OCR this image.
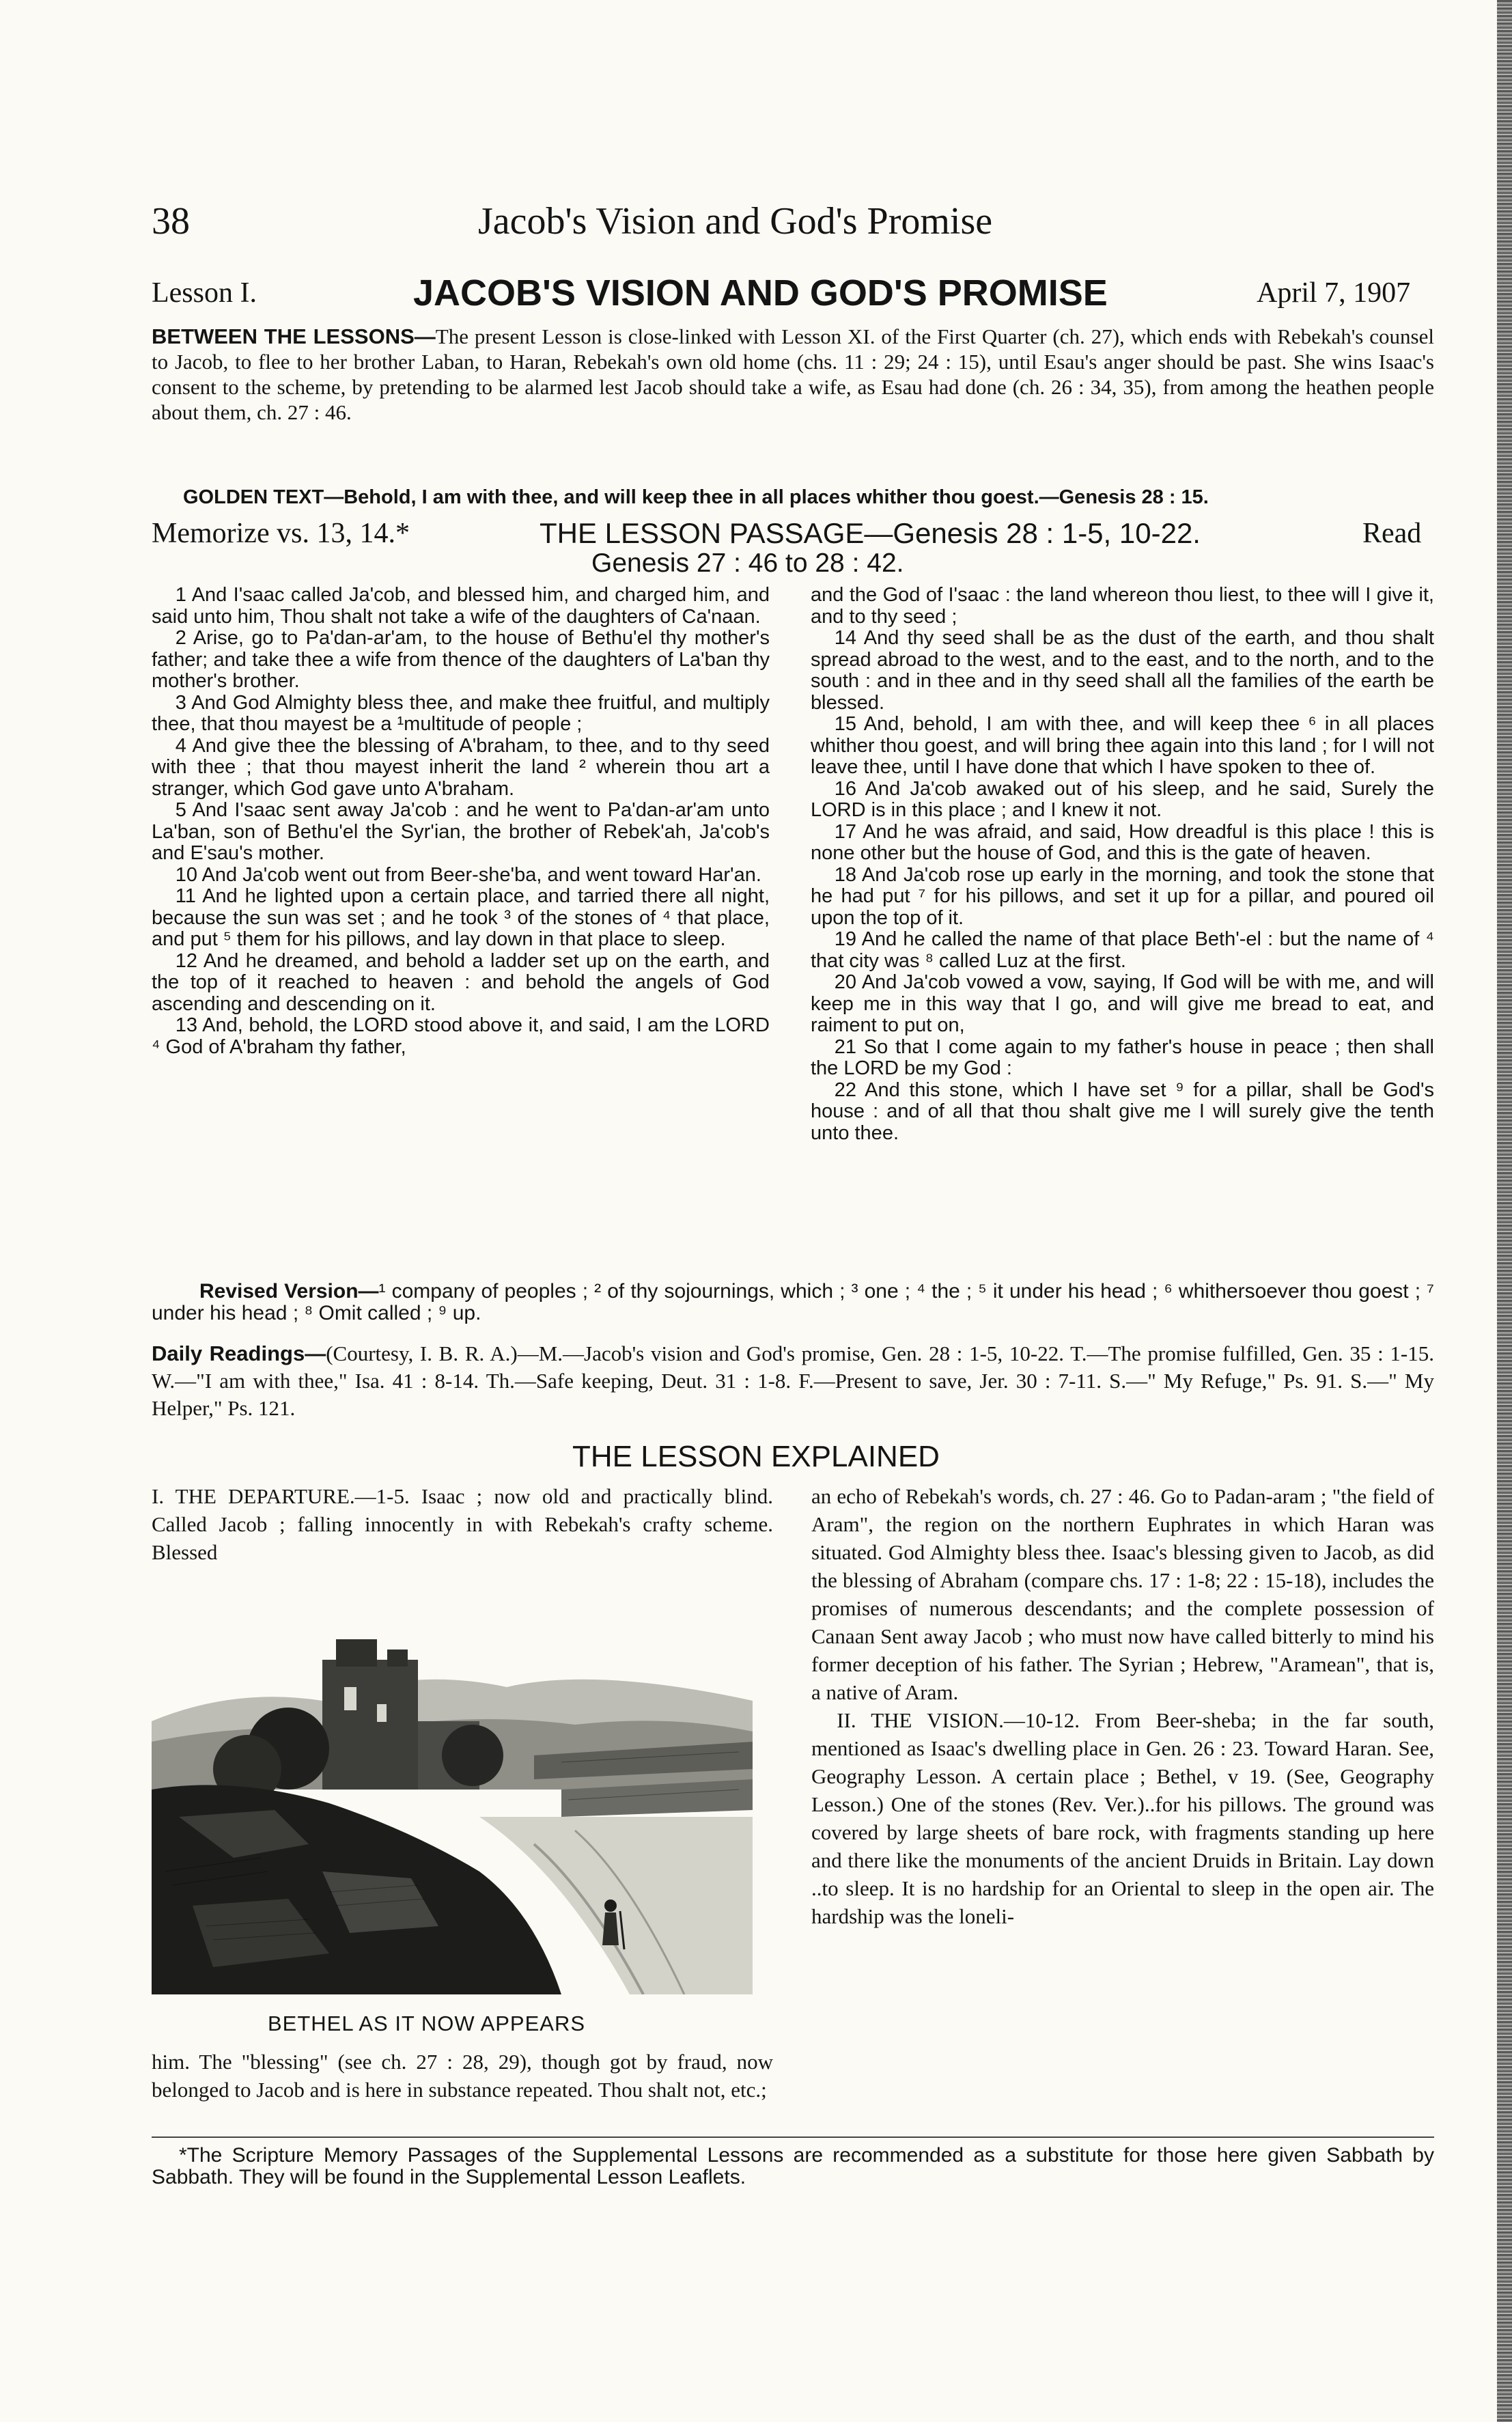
38	Jacob's Vision and God's Promise
Lesson I.	JACOB'S VISION AND GOD'S PROMISE	April 7, 1907
BETWEEN THE LESSONS—The present Lesson is close-linked with Lesson XI. of the First Quarter (ch. 27), which ends with Rebekah's counsel to Jacob, to flee to her brother Laban, to Haran, Rebekah's own old home (chs. 11 : 29; 24 : 15), until Esau's anger should be past. She wins Isaac's consent to the scheme, by pretending to be alarmed lest Jacob should take a wife, as Esau had done (ch. 26 : 34, 35), from among the heathen people about them, ch. 27 : 46.
GOLDEN TEXT—Behold, I am with thee, and will keep thee in all places whither thou goest.—Genesis 28 : 15.
Memorize vs. 13, 14.*	THE LESSON PASSAGE—Genesis 28 : 1-5, 10-22.	Read
Genesis 27 : 46 to 28 : 42.

1 And I'saac called Ja'cob, and blessed him, and charged him, and said unto him, Thou shalt not take a wife of the daughters of Ca'naan.

2 Arise, go to Pa'dan-ar'am, to the house of Bethu'el thy mother's father; and take thee a wife from thence of the daughters of La'ban thy mother's brother.

3 And God Almighty bless thee, and make thee fruitful, and multiply thee, that thou mayest be a ¹multitude of people ;

4 And give thee the blessing of A'braham, to thee, and to thy seed with thee ; that thou mayest inherit the land ² wherein thou art a stranger, which God gave unto A'braham.

5 And I'saac sent away Ja'cob : and he went to Pa'dan-ar'am unto La'ban, son of Bethu'el the Syr'ian, the brother of Rebek'ah, Ja'cob's and E'sau's mother.

10 And Ja'cob went out from Beer-she'ba, and went toward Har'an.

11 And he lighted upon a certain place, and tarried there all night, because the sun was set ; and he took ³ of the stones of ⁴ that place, and put ⁵ them for his pillows, and lay down in that place to sleep.

12 And he dreamed, and behold a ladder set up on the earth, and the top of it reached to heaven : and behold the angels of God ascending and descending on it.

13 And, behold, the LORD stood above it, and said, I am the LORD ⁴ God of A'braham thy father,

and the God of I'saac : the land whereon thou liest, to thee will I give it, and to thy seed ;

14 And thy seed shall be as the dust of the earth, and thou shalt spread abroad to the west, and to the east, and to the north, and to the south : and in thee and in thy seed shall all the families of the earth be blessed.

15 And, behold, I am with thee, and will keep thee ⁶ in all places whither thou goest, and will bring thee again into this land ; for I will not leave thee, until I have done that which I have spoken to thee of.

16 And Ja'cob awaked out of his sleep, and he said, Surely the LORD is in this place ; and I knew it not.

17 And he was afraid, and said, How dreadful is this place ! this is none other but the house of God, and this is the gate of heaven.

18 And Ja'cob rose up early in the morning, and took the stone that he had put ⁷ for his pillows, and set it up for a pillar, and poured oil upon the top of it.

19 And he called the name of that place Beth'-el : but the name of ⁴ that city was ⁸ called Luz at the first.

20 And Ja'cob vowed a vow, saying, If God will be with me, and will keep me in this way that I go, and will give me bread to eat, and raiment to put on,

21 So that I come again to my father's house in peace ; then shall the LORD be my God :

22 And this stone, which I have set ⁹ for a pillar, shall be God's house : and of all that thou shalt give me I will surely give the tenth unto thee.

Revised Version—¹ company of peoples ; ² of thy sojournings, which ; ³ one ; ⁴ the ; ⁵ it under his head ; ⁶ whithersoever thou goest ; ⁷ under his head ; ⁸ Omit called ; ⁹ up.
Daily Readings—(Courtesy, I. B. R. A.)—M.—Jacob's vision and God's promise, Gen. 28 : 1-5, 10-22. T.—The promise fulfilled, Gen. 35 : 1-15. W.—"I am with thee," Isa. 41 : 8-14. Th.—Safe keeping, Deut. 31 : 1-8. F.—Present to save, Jer. 30 : 7-11. S.—" My Refuge," Ps. 91. S.—" My Helper," Ps. 121.
THE LESSON EXPLAINED
I. THE DEPARTURE.—1-5. Isaac ; now old and practically blind. Called Jacob ; falling innocently in with Rebekah's crafty scheme. Blessed
BETHEL AS IT NOW APPEARS
him. The "blessing" (see ch. 27 : 28, 29), though got by fraud, now belonged to Jacob and is here in substance repeated. Thou shalt not, etc.;

an echo of Rebekah's words, ch. 27 : 46. Go to Padan-aram ; "the field of Aram", the region on the northern Euphrates in which Haran was situated. God Almighty bless thee. Isaac's blessing given to Jacob, as did the blessing of Abraham (compare chs. 17 : 1-8; 22 : 15-18), includes the promises of numerous descendants; and the complete possession of Canaan Sent away Jacob ; who must now have called bitterly to mind his former deception of his father. The Syrian ; Hebrew, "Aramean", that is, a native of Aram.

II. THE VISION.—10-12. From Beer-sheba; in the far south, mentioned as Isaac's dwelling place in Gen. 26 : 23. Toward Haran. See, Geography Lesson. A certain place ; Bethel, v 19. (See, Geography Lesson.) One of the stones (Rev. Ver.)..for his pillows. The ground was covered by large sheets of bare rock, with fragments standing up here and there like the monuments of the ancient Druids in Britain. Lay down ..to sleep. It is no hardship for an Oriental to sleep in the open air. The hardship was the loneli-

*The Scripture Memory Passages of the Supplemental Lessons are recommended as a substitute for those here given Sabbath by Sabbath. They will be found in the Supplemental Lesson Leaflets.
